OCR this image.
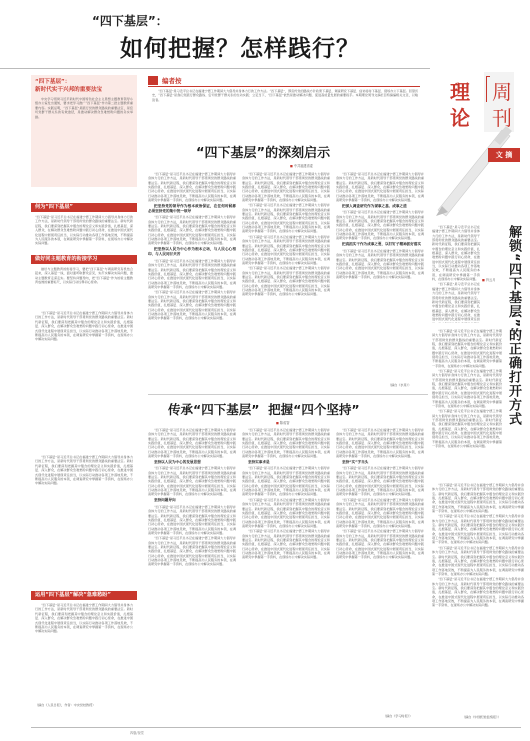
“四下基层”：
如何把握？怎样践行？
编者按
“四下基层”是习近平总书记在福建宁德工作期间大力倡导并身体力行的工作方法。“四下基层”，即宣传党的路线方针政策下基层、调查研究下基层、信访接待下基层、现场办公下基层。回望历史，“四下基层”是我们党践行群众路线、密切党群干群关系的生动实践；立足当下，“四下基层”依然是推动解决问题、促进高质量发展的重要抓手。本期理论周刊文摘栏目特摘编相关文章，以飨读者。
“四下基层”：
新时代实干兴邦的重要法宝
中央学习贯彻习近平新时代中国特色社会主义思想主题教育领导小组办公室发出通知，要求把学习推广“四下基层”作为第二批主题教育重要内容。实践证明，“四下基层”是践行党的群众路线的重要法宝，是密切党群干群关系的有效途径，是推动解决群众急难愁盼问题的务实举措。
何为“四下基层”
“四下基层”是习近平总书记在福建宁德工作期间大力倡导并身体力行的工作方法，是新时代领导干部贯彻党的群众路线的重要法宝。新时代新征程，我们要深刻把握其中蕴含的理论意义和实践价值，扎根基层、深入群众，在解决群众急难愁盼问题中践行初心使命，在推进中国式现代化进程中展现责任担当，以实际行动推动各项工作落地见效，不断提高为人民服务的本领，在调查研究中掌握第一手资料，在现场办公中解决实际问题。
做好同主题教育的衔接学习
做好与主题教育的衔接学习，要把“四下基层”与调查研究有机结合起来，深入基层一线，面对面听取群众意见，实打实解决实际问题，推动主题教育走深走实。要坚持问题导向，把“四下基层”作为检验主题教育成效的重要标尺，以实际行动诠释初心使命。
“四下基层”是习近平总书记在福建宁德工作期间大力倡导并身体力行的工作方法，是新时代领导干部贯彻党的群众路线的重要法宝。新时代新征程，我们要深刻把握其中蕴含的理论意义和实践价值，扎根基层、深入群众，在解决群众急难愁盼问题中践行初心使命，在推进中国式现代化进程中展现责任担当，以实际行动推动各项工作落地见效，不断提高为人民服务的本领，在调查研究中掌握第一手资料，在现场办公中解决实际问题。
“四下基层”是习近平总书记在福建宁德工作期间大力倡导并身体力行的工作方法，是新时代领导干部贯彻党的群众路线的重要法宝。新时代新征程，我们要深刻把握其中蕴含的理论意义和实践价值，扎根基层、深入群众，在解决群众急难愁盼问题中践行初心使命，在推进中国式现代化进程中展现责任担当，以实际行动推动各项工作落地见效，不断提高为人民服务的本领，在调查研究中掌握第一手资料，在现场办公中解决实际问题。
运用“四下基层”解决“急难愁盼”
“四下基层”是习近平总书记在福建宁德工作期间大力倡导并身体力行的工作方法，是新时代领导干部贯彻党的群众路线的重要法宝。新时代新征程，我们要深刻把握其中蕴含的理论意义和实践价值，扎根基层、深入群众，在解决群众急难愁盼问题中践行初心使命，在推进中国式现代化进程中展现责任担当，以实际行动推动各项工作落地见效，不断提高为人民服务的本领，在调查研究中掌握第一手资料，在现场办公中解决实际问题。
（摘自《人民日报》，作者：中央党校教授）
“四下基层”的深刻启示
■ 中共福建省委

“四下基层”是习近平总书记在福建宁德工作期间大力倡导并身体力行的工作方法，是新时代领导干部贯彻党的群众路线的重要法宝。新时代新征程，我们要深刻把握其中蕴含的理论意义和实践价值，扎根基层、深入群众，在解决群众急难愁盼问题中践行初心使命，在推进中国式现代化进程中展现责任担当，以实际行动推动各项工作落地见效，不断提高为人民服务的本领，在调查研究中掌握第一手资料，在现场办公中解决实际问题。

把坚持党的领导作为根本政治保证，在任何时候都必须坚持党的集中统一领导

“四下基层”是习近平总书记在福建宁德工作期间大力倡导并身体力行的工作方法，是新时代领导干部贯彻党的群众路线的重要法宝。新时代新征程，我们要深刻把握其中蕴含的理论意义和实践价值，扎根基层、深入群众，在解决群众急难愁盼问题中践行初心使命，在推进中国式现代化进程中展现责任担当，以实际行动推动各项工作落地见效，不断提高为人民服务的本领，在调查研究中掌握第一手资料，在现场办公中解决实际问题。

把坚持以人民为中心作为根本立场，与人民心心相印、与人民同甘共苦

“四下基层”是习近平总书记在福建宁德工作期间大力倡导并身体力行的工作方法，是新时代领导干部贯彻党的群众路线的重要法宝。新时代新征程，我们要深刻把握其中蕴含的理论意义和实践价值，扎根基层、深入群众，在解决群众急难愁盼问题中践行初心使命，在推进中国式现代化进程中展现责任担当，以实际行动推动各项工作落地见效，不断提高为人民服务的本领，在调查研究中掌握第一手资料，在现场办公中解决实际问题。

“四下基层”是习近平总书记在福建宁德工作期间大力倡导并身体力行的工作方法，是新时代领导干部贯彻党的群众路线的重要法宝。新时代新征程，我们要深刻把握其中蕴含的理论意义和实践价值，扎根基层、深入群众，在解决群众急难愁盼问题中践行初心使命，在推进中国式现代化进程中展现责任担当，以实际行动推动各项工作落地见效，不断提高为人民服务的本领，在调查研究中掌握第一手资料，在现场办公中解决实际问题。

“四下基层”是习近平总书记在福建宁德工作期间大力倡导并身体力行的工作方法，是新时代领导干部贯彻党的群众路线的重要法宝。新时代新征程，我们要深刻把握其中蕴含的理论意义和实践价值，扎根基层、深入群众，在解决群众急难愁盼问题中践行初心使命，在推进中国式现代化进程中展现责任担当，以实际行动推动各项工作落地见效，不断提高为人民服务的本领，在调查研究中掌握第一手资料，在现场办公中解决实际问题。

“四下基层”是习近平总书记在福建宁德工作期间大力倡导并身体力行的工作方法，是新时代领导干部贯彻党的群众路线的重要法宝。新时代新征程，我们要深刻把握其中蕴含的理论意义和实践价值，扎根基层、深入群众，在解决群众急难愁盼问题中践行初心使命，在推进中国式现代化进程中展现责任担当，以实际行动推动各项工作落地见效，不断提高为人民服务的本领，在调查研究中掌握第一手资料，在现场办公中解决实际问题。

“四下基层”是习近平总书记在福建宁德工作期间大力倡导并身体力行的工作方法，是新时代领导干部贯彻党的群众路线的重要法宝。新时代新征程，我们要深刻把握其中蕴含的理论意义和实践价值，扎根基层、深入群众，在解决群众急难愁盼问题中践行初心使命，在推进中国式现代化进程中展现责任担当，以实际行动推动各项工作落地见效，不断提高为人民服务的本领，在调查研究中掌握第一手资料，在现场办公中解决实际问题。

“四下基层”是习近平总书记在福建宁德工作期间大力倡导并身体力行的工作方法，是新时代领导干部贯彻党的群众路线的重要法宝。新时代新征程，我们要深刻把握其中蕴含的理论意义和实践价值，扎根基层、深入群众，在解决群众急难愁盼问题中践行初心使命，在推进中国式现代化进程中展现责任担当，以实际行动推动各项工作落地见效，不断提高为人民服务的本领，在调查研究中掌握第一手资料，在现场办公中解决实际问题。

“四下基层”是习近平总书记在福建宁德工作期间大力倡导并身体力行的工作方法，是新时代领导干部贯彻党的群众路线的重要法宝。新时代新征程，我们要深刻把握其中蕴含的理论意义和实践价值，扎根基层、深入群众，在解决群众急难愁盼问题中践行初心使命，在推进中国式现代化进程中展现责任担当，以实际行动推动各项工作落地见效，不断提高为人民服务的本领，在调查研究中掌握第一手资料，在现场办公中解决实际问题。

把深入调查研究作为谋事之基、成事之道

“四下基层”是习近平总书记在福建宁德工作期间大力倡导并身体力行的工作方法，是新时代领导干部贯彻党的群众路线的重要法宝。新时代新征程，我们要深刻把握其中蕴含的理论意义和实践价值，扎根基层、深入群众，在解决群众急难愁盼问题中践行初心使命，在推进中国式现代化进程中展现责任担当，以实际行动推动各项工作落地见效，不断提高为人民服务的本领，在调查研究中掌握第一手资料，在现场办公中解决实际问题。

把真抓实干作为成事之要，以钉钉子精神抓好落实

“四下基层”是习近平总书记在福建宁德工作期间大力倡导并身体力行的工作方法，是新时代领导干部贯彻党的群众路线的重要法宝。新时代新征程，我们要深刻把握其中蕴含的理论意义和实践价值，扎根基层、深入群众，在解决群众急难愁盼问题中践行初心使命，在推进中国式现代化进程中展现责任担当，以实际行动推动各项工作落地见效，不断提高为人民服务的本领，在调查研究中掌握第一手资料，在现场办公中解决实际问题。

（摘自《求是》）
传承“四下基层”  把握“四个坚持”
■ 陈成智

“四下基层”是习近平总书记在福建宁德工作期间大力倡导并身体力行的工作方法，是新时代领导干部贯彻党的群众路线的重要法宝。新时代新征程，我们要深刻把握其中蕴含的理论意义和实践价值，扎根基层、深入群众，在解决群众急难愁盼问题中践行初心使命，在推进中国式现代化进程中展现责任担当，以实际行动推动各项工作落地见效，不断提高为人民服务的本领，在调查研究中掌握第一手资料，在现场办公中解决实际问题。

坚持以人民为中心的发展思想

“四下基层”是习近平总书记在福建宁德工作期间大力倡导并身体力行的工作方法，是新时代领导干部贯彻党的群众路线的重要法宝。新时代新征程，我们要深刻把握其中蕴含的理论意义和实践价值，扎根基层、深入群众，在解决群众急难愁盼问题中践行初心使命，在推进中国式现代化进程中展现责任担当，以实际行动推动各项工作落地见效，不断提高为人民服务的本领，在调查研究中掌握第一手资料，在现场办公中解决实际问题。

坚持问题导向

“四下基层”是习近平总书记在福建宁德工作期间大力倡导并身体力行的工作方法，是新时代领导干部贯彻党的群众路线的重要法宝。新时代新征程，我们要深刻把握其中蕴含的理论意义和实践价值，扎根基层、深入群众，在解决群众急难愁盼问题中践行初心使命，在推进中国式现代化进程中展现责任担当，以实际行动推动各项工作落地见效，不断提高为人民服务的本领，在调查研究中掌握第一手资料，在现场办公中解决实际问题。

“四下基层”是习近平总书记在福建宁德工作期间大力倡导并身体力行的工作方法，是新时代领导干部贯彻党的群众路线的重要法宝。新时代新征程，我们要深刻把握其中蕴含的理论意义和实践价值，扎根基层、深入群众，在解决群众急难愁盼问题中践行初心使命，在推进中国式现代化进程中展现责任担当，以实际行动推动各项工作落地见效，不断提高为人民服务的本领，在调查研究中掌握第一手资料，在现场办公中解决实际问题。

“四下基层”是习近平总书记在福建宁德工作期间大力倡导并身体力行的工作方法，是新时代领导干部贯彻党的群众路线的重要法宝。新时代新征程，我们要深刻把握其中蕴含的理论意义和实践价值，扎根基层、深入群众，在解决群众急难愁盼问题中践行初心使命，在推进中国式现代化进程中展现责任担当，以实际行动推动各项工作落地见效，不断提高为人民服务的本领，在调查研究中掌握第一手资料，在现场办公中解决实际问题。

坚持实事求是

“四下基层”是习近平总书记在福建宁德工作期间大力倡导并身体力行的工作方法，是新时代领导干部贯彻党的群众路线的重要法宝。新时代新征程，我们要深刻把握其中蕴含的理论意义和实践价值，扎根基层、深入群众，在解决群众急难愁盼问题中践行初心使命，在推进中国式现代化进程中展现责任担当，以实际行动推动各项工作落地见效，不断提高为人民服务的本领，在调查研究中掌握第一手资料，在现场办公中解决实际问题。

“四下基层”是习近平总书记在福建宁德工作期间大力倡导并身体力行的工作方法，是新时代领导干部贯彻党的群众路线的重要法宝。新时代新征程，我们要深刻把握其中蕴含的理论意义和实践价值，扎根基层、深入群众，在解决群众急难愁盼问题中践行初心使命，在推进中国式现代化进程中展现责任担当，以实际行动推动各项工作落地见效，不断提高为人民服务的本领，在调查研究中掌握第一手资料，在现场办公中解决实际问题。

“四下基层”是习近平总书记在福建宁德工作期间大力倡导并身体力行的工作方法，是新时代领导干部贯彻党的群众路线的重要法宝。新时代新征程，我们要深刻把握其中蕴含的理论意义和实践价值，扎根基层、深入群众，在解决群众急难愁盼问题中践行初心使命，在推进中国式现代化进程中展现责任担当，以实际行动推动各项工作落地见效，不断提高为人民服务的本领，在调查研究中掌握第一手资料，在现场办公中解决实际问题。

“四下基层”是习近平总书记在福建宁德工作期间大力倡导并身体力行的工作方法，是新时代领导干部贯彻党的群众路线的重要法宝。新时代新征程，我们要深刻把握其中蕴含的理论意义和实践价值，扎根基层、深入群众，在解决群众急难愁盼问题中践行初心使命，在推进中国式现代化进程中展现责任担当，以实际行动推动各项工作落地见效，不断提高为人民服务的本领，在调查研究中掌握第一手资料，在现场办公中解决实际问题。

坚持“实”字当头

“四下基层”是习近平总书记在福建宁德工作期间大力倡导并身体力行的工作方法，是新时代领导干部贯彻党的群众路线的重要法宝。新时代新征程，我们要深刻把握其中蕴含的理论意义和实践价值，扎根基层、深入群众，在解决群众急难愁盼问题中践行初心使命，在推进中国式现代化进程中展现责任担当，以实际行动推动各项工作落地见效，不断提高为人民服务的本领，在调查研究中掌握第一手资料，在现场办公中解决实际问题。

“四下基层”是习近平总书记在福建宁德工作期间大力倡导并身体力行的工作方法，是新时代领导干部贯彻党的群众路线的重要法宝。新时代新征程，我们要深刻把握其中蕴含的理论意义和实践价值，扎根基层、深入群众，在解决群众急难愁盼问题中践行初心使命，在推进中国式现代化进程中展现责任担当，以实际行动推动各项工作落地见效，不断提高为人民服务的本领，在调查研究中掌握第一手资料，在现场办公中解决实际问题。

“四下基层”是习近平总书记在福建宁德工作期间大力倡导并身体力行的工作方法，是新时代领导干部贯彻党的群众路线的重要法宝。新时代新征程，我们要深刻把握其中蕴含的理论意义和实践价值，扎根基层、深入群众，在解决群众急难愁盼问题中践行初心使命，在推进中国式现代化进程中展现责任担当，以实际行动推动各项工作落地见效，不断提高为人民服务的本领，在调查研究中掌握第一手资料，在现场办公中解决实际问题。

（摘自《学习时报》）
理
论
周
刊
文 摘
解锁“四下基层”的正确打开方式
■ 肖云月

“四下基层”是习近平总书记在福建宁德工作期间大力倡导并身体力行的工作方法，是新时代领导干部贯彻党的群众路线的重要法宝。新时代新征程，我们要深刻把握其中蕴含的理论意义和实践价值，扎根基层、深入群众，在解决群众急难愁盼问题中践行初心使命，在推进中国式现代化进程中展现责任担当，以实际行动推动各项工作落地见效，不断提高为人民服务的本领，在调查研究中掌握第一手资料，在现场办公中解决实际问题。

“四下基层”是习近平总书记在福建宁德工作期间大力倡导并身体力行的工作方法，是新时代领导干部贯彻党的群众路线的重要法宝。新时代新征程，我们要深刻把握其中蕴含的理论意义和实践价值，扎根基层、深入群众，在解决群众急难愁盼问题中践行初心使命，在推进中国式现代化进程中展现责任担

“四下基层”是习近平总书记在福建宁德工作期间大力倡导并身体力行的工作方法，是新时代领导干部贯彻党的群众路线的重要法宝。新时代新征程，我们要深刻把握其中蕴含的理论意义和实践价值，扎根基层、深入群众，在解决群众急难愁盼问题中践行初心使命，在推进中国式现代化进程中展现责任担当，以实际行动推动各项工作落地见效，不断提高为人民服务的本领，在调查研究中掌握第一手资料，在现场办公中解决实际问题。

“四下基层”是习近平总书记在福建宁德工作期间大力倡导并身体力行的工作方法，是新时代领导干部贯彻党的群众路线的重要法宝。新时代新征程，我们要深刻把握其中蕴含的理论意义和实践价值，扎根基层、深入群众，在解决群众急难愁盼问题中践行初心使命，在推进中国式现代化进程中展现责任担当，以实际行动推动各项工作落地见效，不断提高为人民服务的本领，在调查研究中掌握第一手资料，在现场办公中解决实际问题。

“四下基层”是习近平总书记在福建宁德工作期间大力倡导并身体力行的工作方法，是新时代领导干部贯彻党的群众路线的重要法宝。新时代新征程，我们要深刻把握其中蕴含的理论意义和实践价值，扎根基层、深入群众，在解决群众急难愁盼问题中践行初心使命，在推进中国式现代化进程中展现责任担当，以实际行动推动各项工作落地见效，不断提高为人民服务的本领，在调查研究中掌握第一手资料，在现场办公中解决实际问题。

“四下基层”是习近平总书记在福建宁德工作期间大力倡导并身体力行的工作方法，是新时代领导干部贯彻党的群众路线的重要法宝。新时代新征程，我们要深刻把握其中蕴含的理论意义和实践价值，扎根基层、深入群众，在解决群众急难愁盼问题中践行初心使命，在推进中国式现代化进程中展现责任担当，以实际行动推动各项工作落地见效，不断提高为人民服务的本领，在调查研究中掌握第一手资料，在现场办公中解决实际问题。

“四下基层”是习近平总书记在福建宁德工作期间大力倡导并身体力行的工作方法，是新时代领导干部贯彻党的群众路线的重要法宝。新时代新征程，我们要深刻把握其中蕴含的理论意义和实践价值，扎根基层、深入群众，在解决群众急难愁盼问题中践行初心使命，在推进中国式现代化进程中展现责任担当，以实际行动推动各项工作落地见效，不断提高为人民服务的本领，在调查研究中掌握第一手资料，在现场办公中解决实际问题。

“四下基层”是习近平总书记在福建宁德工作期间大力倡导并身体力行的工作方法，是新时代领导干部贯彻党的群众路线的重要法宝。新时代新征程，我们要深刻把握其中蕴含的理论意义和实践价值，扎根基层、深入群众，在解决群众急难愁盼问题中践行初心使命，在推进中国式现代化进程中展现责任担当，以实际行动推动各项工作落地见效，不断提高为人民服务的本领，在调查研究中掌握第一手资料，在现场办公中解决实际问题。

“四下基层”是习近平总书记在福建宁德工作期间大力倡导并身体力行的工作方法，是新时代领导干部贯彻党的群众路线的重要法宝。新时代新征程，我们要深刻把握其中蕴含的理论意义和实践价值，扎根基层、深入群众，在解决群众急难愁盼问题中践行初心使命，在推进中国式现代化进程中展现责任担当，以实际行动推动各项工作落地见效，不断提高为人民服务的本领，在调查研究中掌握第一手资料，在现场办公中解决实际问题。

（摘自《中国纪检监察报》）
四版/视觉
